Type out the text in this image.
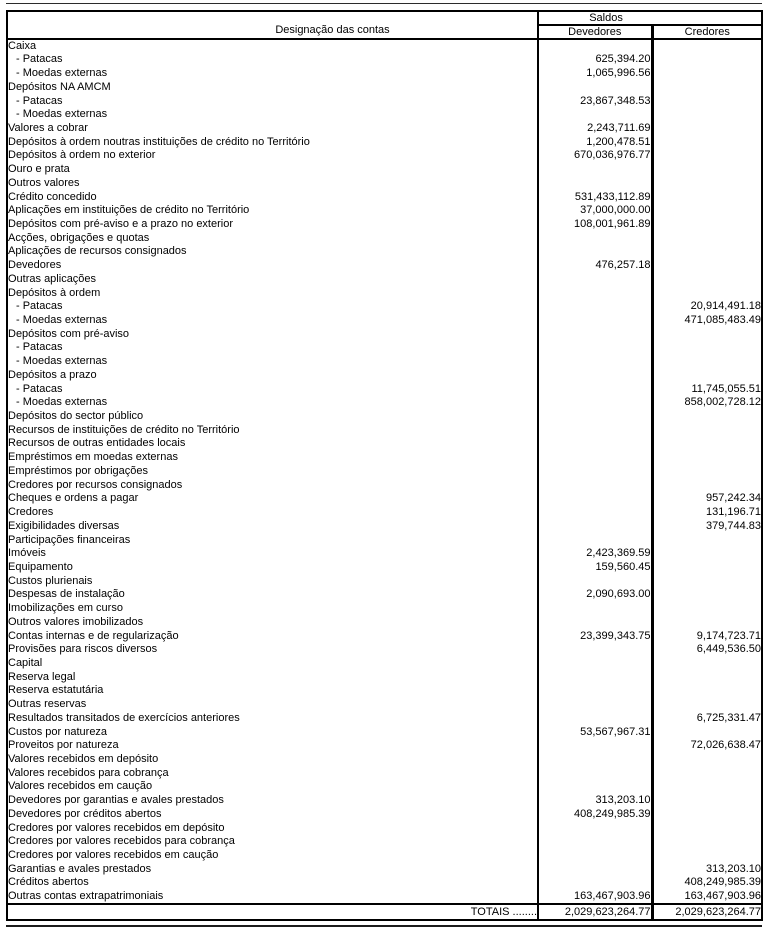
Designação das contas	Saldos	
	Devedores	Credores
Caixa		
- Patacas	625,394.20	
- Moedas externas	1,065,996.56	
Depósitos NA AMCM		
- Patacas	23,867,348.53	
- Moedas externas		
Valores a cobrar	2,243,711.69	
Depósitos à ordem noutras instituições de crédito no Território	1,200,478.51	
Depósitos à ordem no exterior	670,036,976.77	
Ouro e prata		
Outros valores		
Crédito concedido	531,433,112.89	
Aplicações em instituições de crédito no Território	37,000,000.00	
Depósitos com pré-aviso e a prazo no exterior	108,001,961.89	
Acções, obrigações e quotas		
Aplicações de recursos consignados		
Devedores	476,257.18	
Outras aplicações		
Depósitos à ordem		
- Patacas		20,914,491.18
- Moedas externas		471,085,483.49
Depósitos com pré-aviso		
- Patacas		
- Moedas externas		
Depósitos a prazo		
- Patacas		11,745,055.51
- Moedas externas		858,002,728.12
Depósitos do sector público		
Recursos de instituições de crédito no Território		
Recursos de outras entidades locais		
Empréstimos em moedas externas		
Empréstimos por obrigações		
Credores por recursos consignados		
Cheques e ordens a pagar		957,242.34
Credores		131,196.71
Exigibilidades diversas		379,744.83
Participações financeiras		
Imóveis	2,423,369.59	
Equipamento	159,560.45	
Custos plurienais		
Despesas de instalação	2,090,693.00	
Imobilizações em curso		
Outros valores imobilizados		
Contas internas e de regularização	23,399,343.75	9,174,723.71
Provisões para riscos diversos		6,449,536.50
Capital		
Reserva legal		
Reserva estatutária		
Outras reservas		
Resultados transitados de exercícios anteriores		6,725,331.47
Custos por natureza	53,567,967.31	
Proveitos por natureza		72,026,638.47
Valores recebidos em depósito		
Valores recebidos para cobrança		
Valores recebidos em caução		
Devedores por garantias e avales prestados	313,203.10	
Devedores por créditos abertos	408,249,985.39	
Credores por valores recebidos em depósito		
Credores por valores recebidos para cobrança		
Credores por valores recebidos em caução		
Garantias e avales prestados		313,203.10
Créditos abertos		408,249,985.39
Outras contas extrapatrimoniais	163,467,903.96	163,467,903.96
TOTAIS ........	2,029,623,264.77	2,029,623,264.77
